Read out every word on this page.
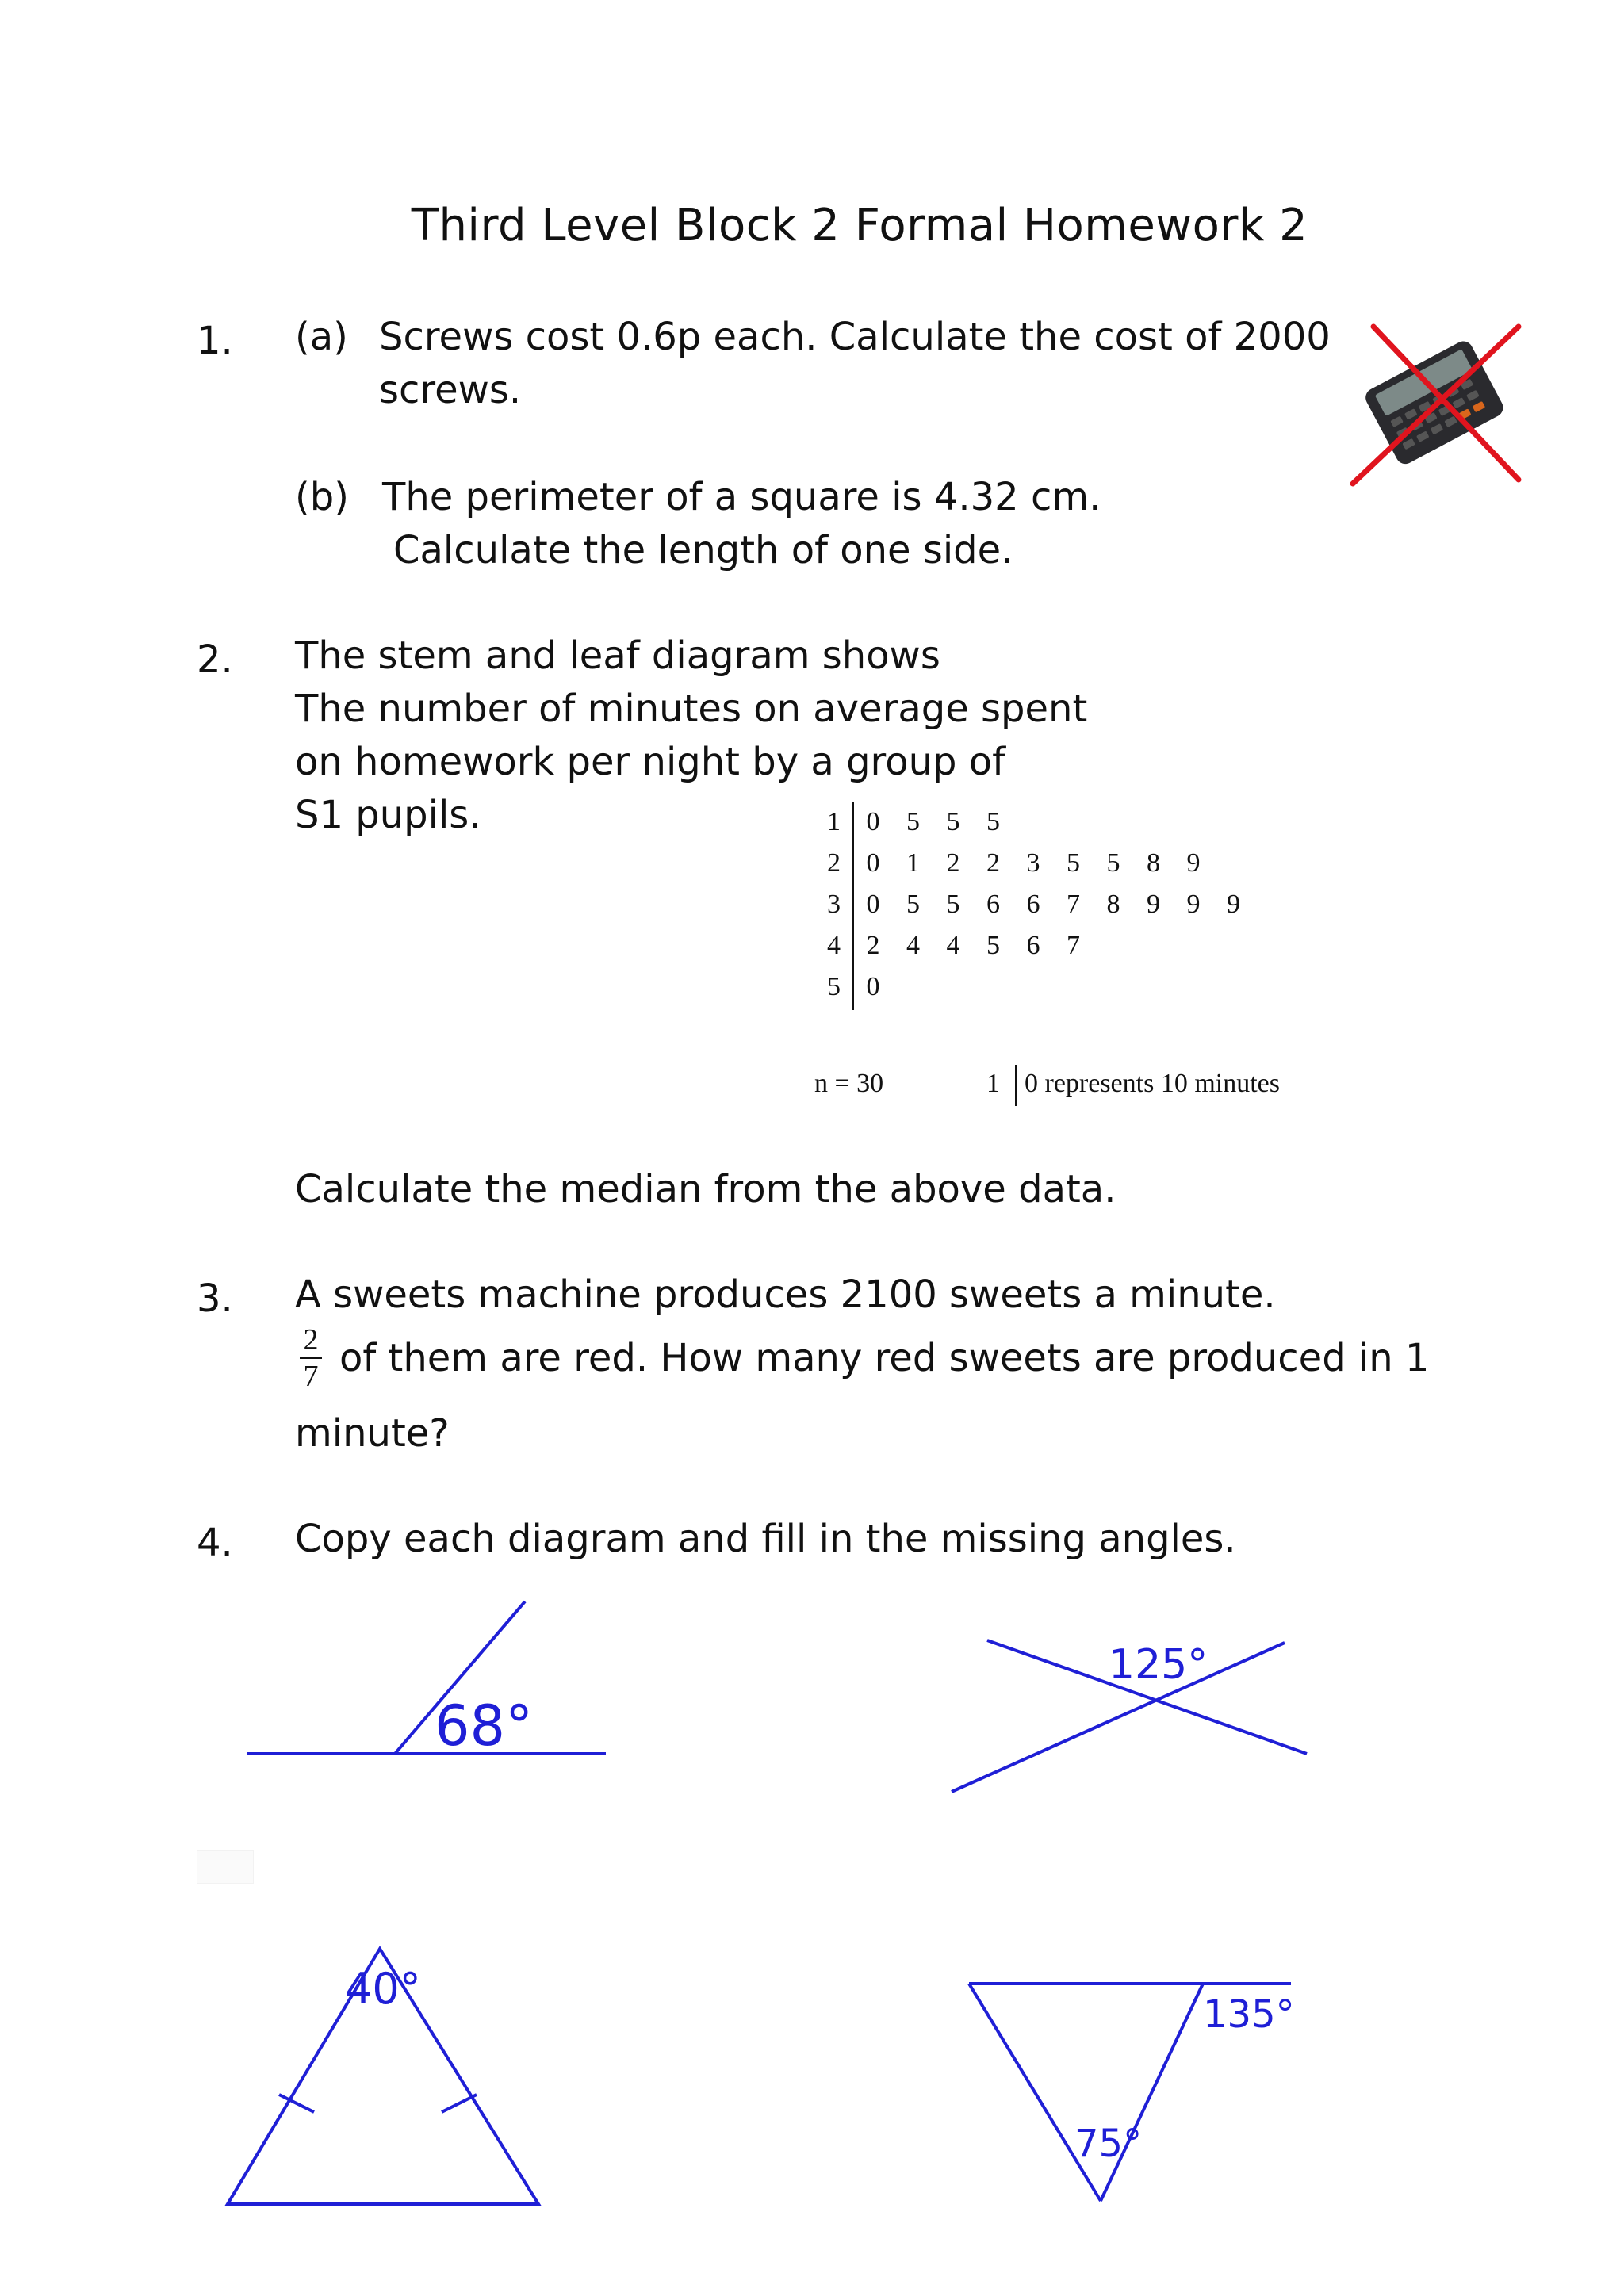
Third Level Block 2 Formal Homework 2
1. (a) Screws cost 0.6p each. Calculate the cost of 2000
screws.
(b) The perimeter of a square is 4.32 cm.
Calculate the length of one side.
2. The stem and leaf diagram shows
The number of minutes on average spent
on homework per night by a group of
S1 pupils.	1 0 5 5 5
2 0 1 2 2 3 5 5 8 9
3 0 5 5 6 6 7 8 9 9 9
4 2 4 4 5 6 7
5 0
n = 30	1 0 represents 10 minutes
Calculate the median from the above data.
3. A sweets machine produces 2100 sweets a minute.
2
7 of them are red. How many red sweets are produced in 1
minute?
4. Copy each diagram and fill in the missing angles.
68°
125°
40°
135°
75°
